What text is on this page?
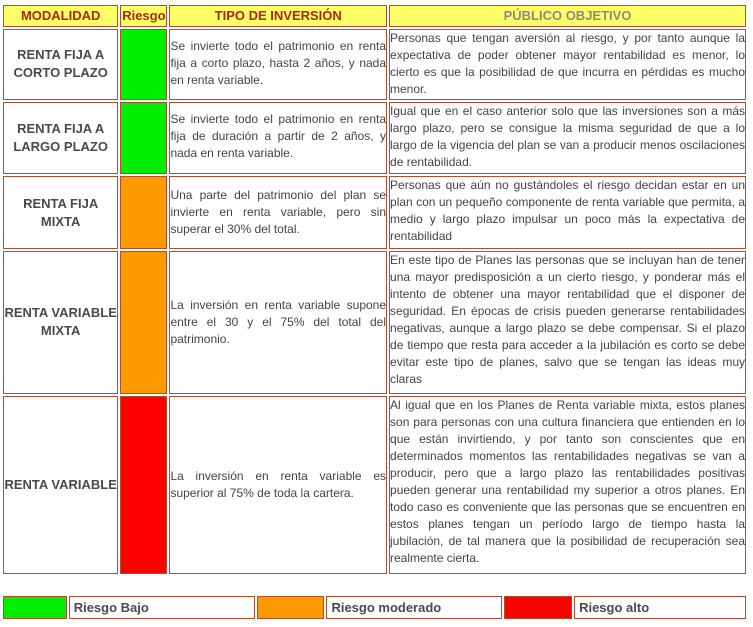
MODALIDAD	Riesgo	TIPO DE INVERSIÓN	PÚBLICO OBJETIVO

RENTA FIJA A
CORTO PLAZO		Se invierte todo el patrimonio en renta fija a corto plazo, hasta 2 años, y nada en renta variable.	Personas que tengan aversión al riesgo, y por tanto aunque la expectativa de poder obtener mayor rentabilidad es menor, lo cierto es que la posibilidad de que incurra en pérdidas es mucho menor.

RENTA FIJA A
LARGO PLAZO		Se invierte todo el patrimonio en renta fija de duración a partir de 2 años, y nada en renta variable.	Igual que en el caso anterior solo que las inversiones son a más largo plazo, pero se consigue la misma seguridad de que a lo largo de la vigencia del plan se van a producir menos oscilaciones de rentabilidad.

RENTA FIJA
MIXTA		Una parte del patrimonio del plan se invierte en renta variable, pero sin superar el 30% del total.	Personas que aún no gustándoles el riesgo decidan estar en un plan con un pequeño componente de renta variable que permita, a medio y largo plazo impulsar un poco más la expectativa de rentabilidad

RENTA VARIABLE
MIXTA		La inversión en renta variable supone entre el 30 y el 75% del total del patrimonio.	En este tipo de Planes las personas que se incluyan han de tener una mayor predisposición a un cierto riesgo, y ponderar más el intento de obtener una mayor rentabilidad que el disponer de seguridad. En épocas de crisis pueden generarse rentabilidades negativas, aunque a largo plazo se debe compensar. Si el plazo de tiempo que resta para acceder a la jubilación es corto se debe evitar este tipo de planes, salvo que se tengan las ideas muy claras

RENTA VARIABLE		La inversión en renta variable es superior al 75% de toda la cartera.	Al igual que en los Planes de Renta variable mixta, estos planes son para personas con una cultura financiera que entienden en lo que están invirtiendo, y por tanto son conscientes que en determinados momentos las rentabilidades negativas se van a producir, pero que a largo plazo las rentabilidades positivas pueden generar una rentabilidad my superior a otros planes. En todo caso es conveniente que las personas que se encuentren en estos planes tengan un período largo de tiempo hasta la jubilación, de tal manera que la posibilidad de recuperación sea realmente cierta.
	Riesgo Bajo		Riesgo moderado		Riesgo alto
